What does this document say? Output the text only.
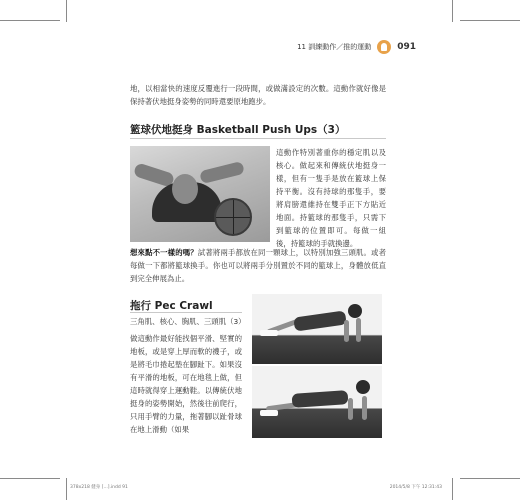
11 訓練動作／推的運動	091

地，以相當快的速度反覆進行一段時間，或做滿設定的次數。這動作就好像是保持著伏地挺身姿勢的同時還要原地跑步。

籃球伏地挺身 Basketball Push Ups（3）

這動作特別著重你的穩定肌以及核心。做起來和傳統伏地挺身一樣，但有一隻手是放在籃球上保持平衡。沒有持球的那隻手，要將肩膀還維持在雙手正下方貼近地面。持籃球的那隻手，只需下到籃球的位置即可。每做一組後，持籃球的手就換邊。

想來點不一樣的嗎？試著將兩手都放在同一顆球上，以特別加強三頭肌。或者每做一下都將籃球換手。你也可以將兩手分別置於不同的籃球上，身體放低直到完全伸展為止。

拖行 Pec Crawl
三角肌、核心、胸肌、三頭肌（3）

做這動作最好能找個平滑、堅實的地板，或是穿上厚而軟的襪子，或是將毛巾捲起墊在腳趾下。如果沒有平滑的地板，可在地毯上做，但這時就得穿上運動鞋。以傳統伏地挺身的姿勢開始，然後往前爬行，只用手臂的力量，拖著腳以趾骨球在地上滑動（如果

378x218 健身 [...].indd 91	2014/5/8 下午 12:31:43
